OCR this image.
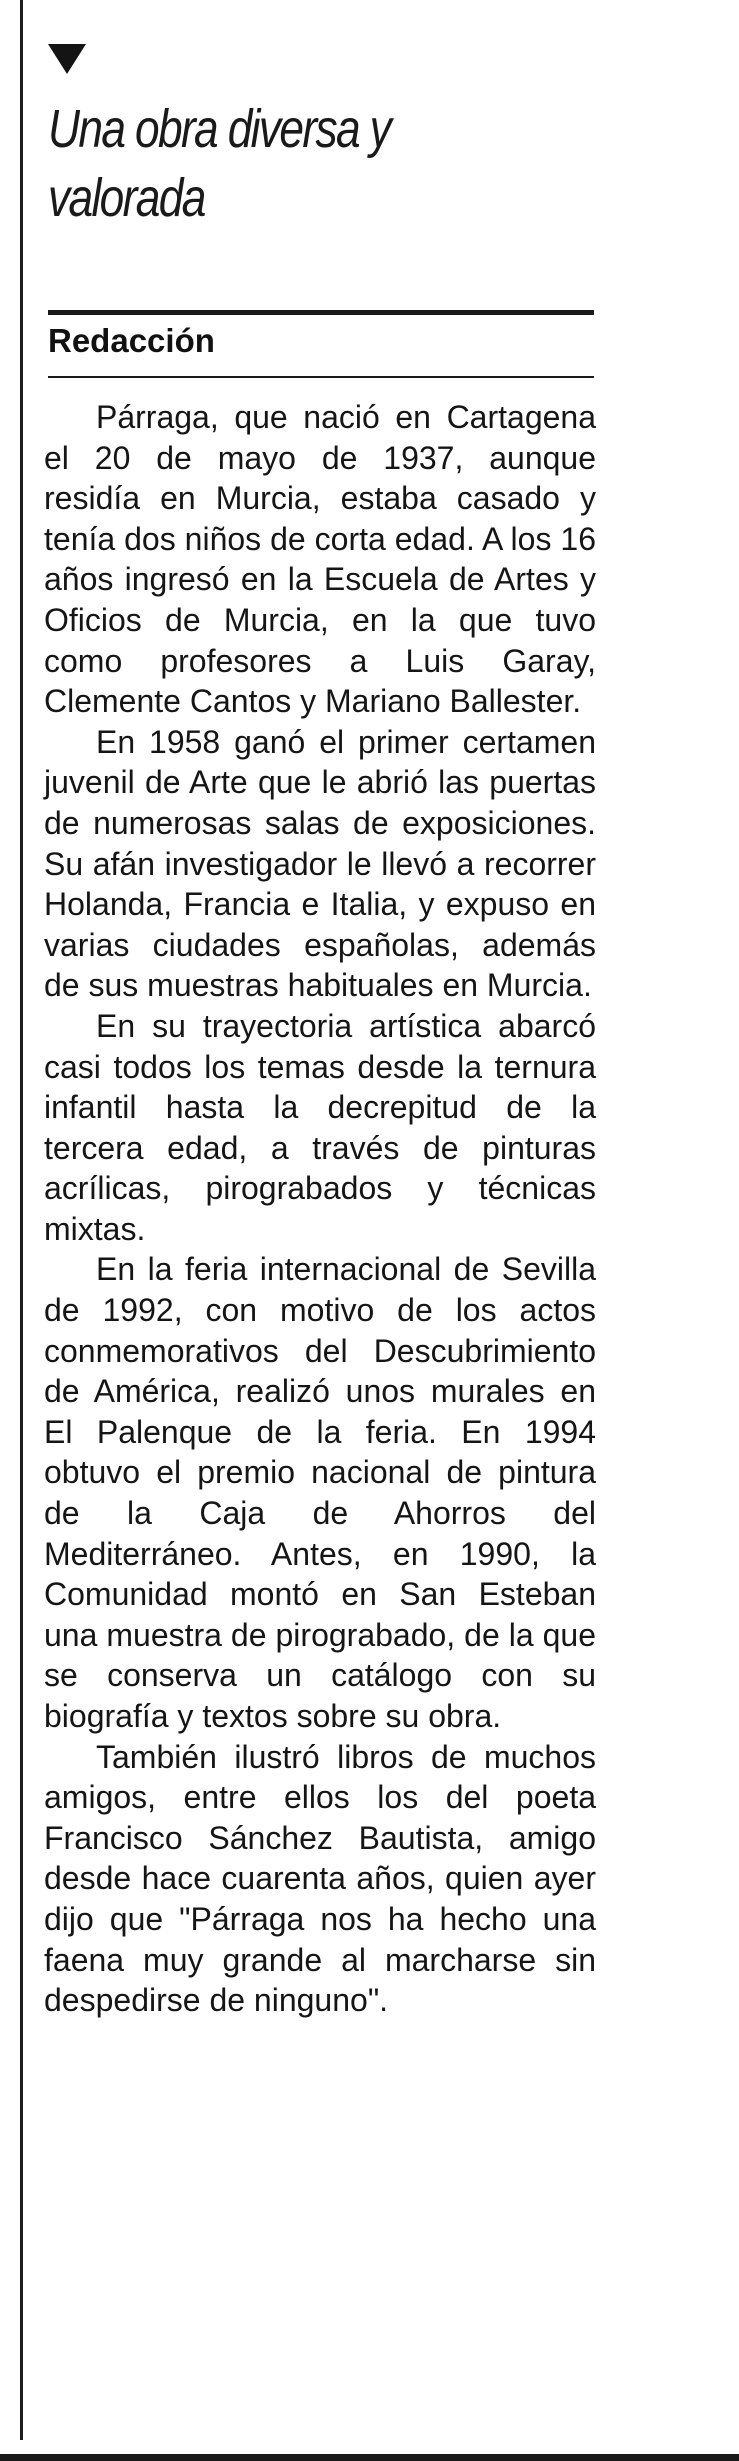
Una obra diversa y valorada
Redacción

Párraga, que nació en Cartagena el 20 de mayo de 1937, aunque residía en Murcia, estaba casado y tenía dos niños de corta edad. A los 16 años ingresó en la Escuela de Artes y Oficios de Murcia, en la que tuvo como profesores a Luis Garay, Clemente Cantos y Mariano Ballester.

En 1958 ganó el primer certamen juvenil de Arte que le abrió las puertas de numerosas salas de exposiciones. Su afán investigador le llevó a recorrer Holanda, Francia e Italia, y expuso en varias ciudades españolas, además de sus muestras habituales en Murcia.

En su trayectoria artística abarcó casi todos los temas desde la ternura infantil hasta la decrepitud de la tercera edad, a través de pinturas acrílicas, pirograbados y técnicas mixtas.

En la feria internacional de Sevilla de 1992, con motivo de los actos conmemorativos del Descubrimiento de América, realizó unos murales en El Palenque de la feria. En 1994 obtuvo el premio nacional de pintura de la Caja de Ahorros del Mediterráneo. Antes, en 1990, la Comunidad montó en San Esteban una muestra de pirograbado, de la que se conserva un catálogo con su biografía y textos sobre su obra.

También ilustró libros de muchos amigos, entre ellos los del poeta Francisco Sánchez Bautista, amigo desde hace cuarenta años, quien ayer dijo que "Párraga nos ha hecho una faena muy grande al marcharse sin despedirse de ninguno".
